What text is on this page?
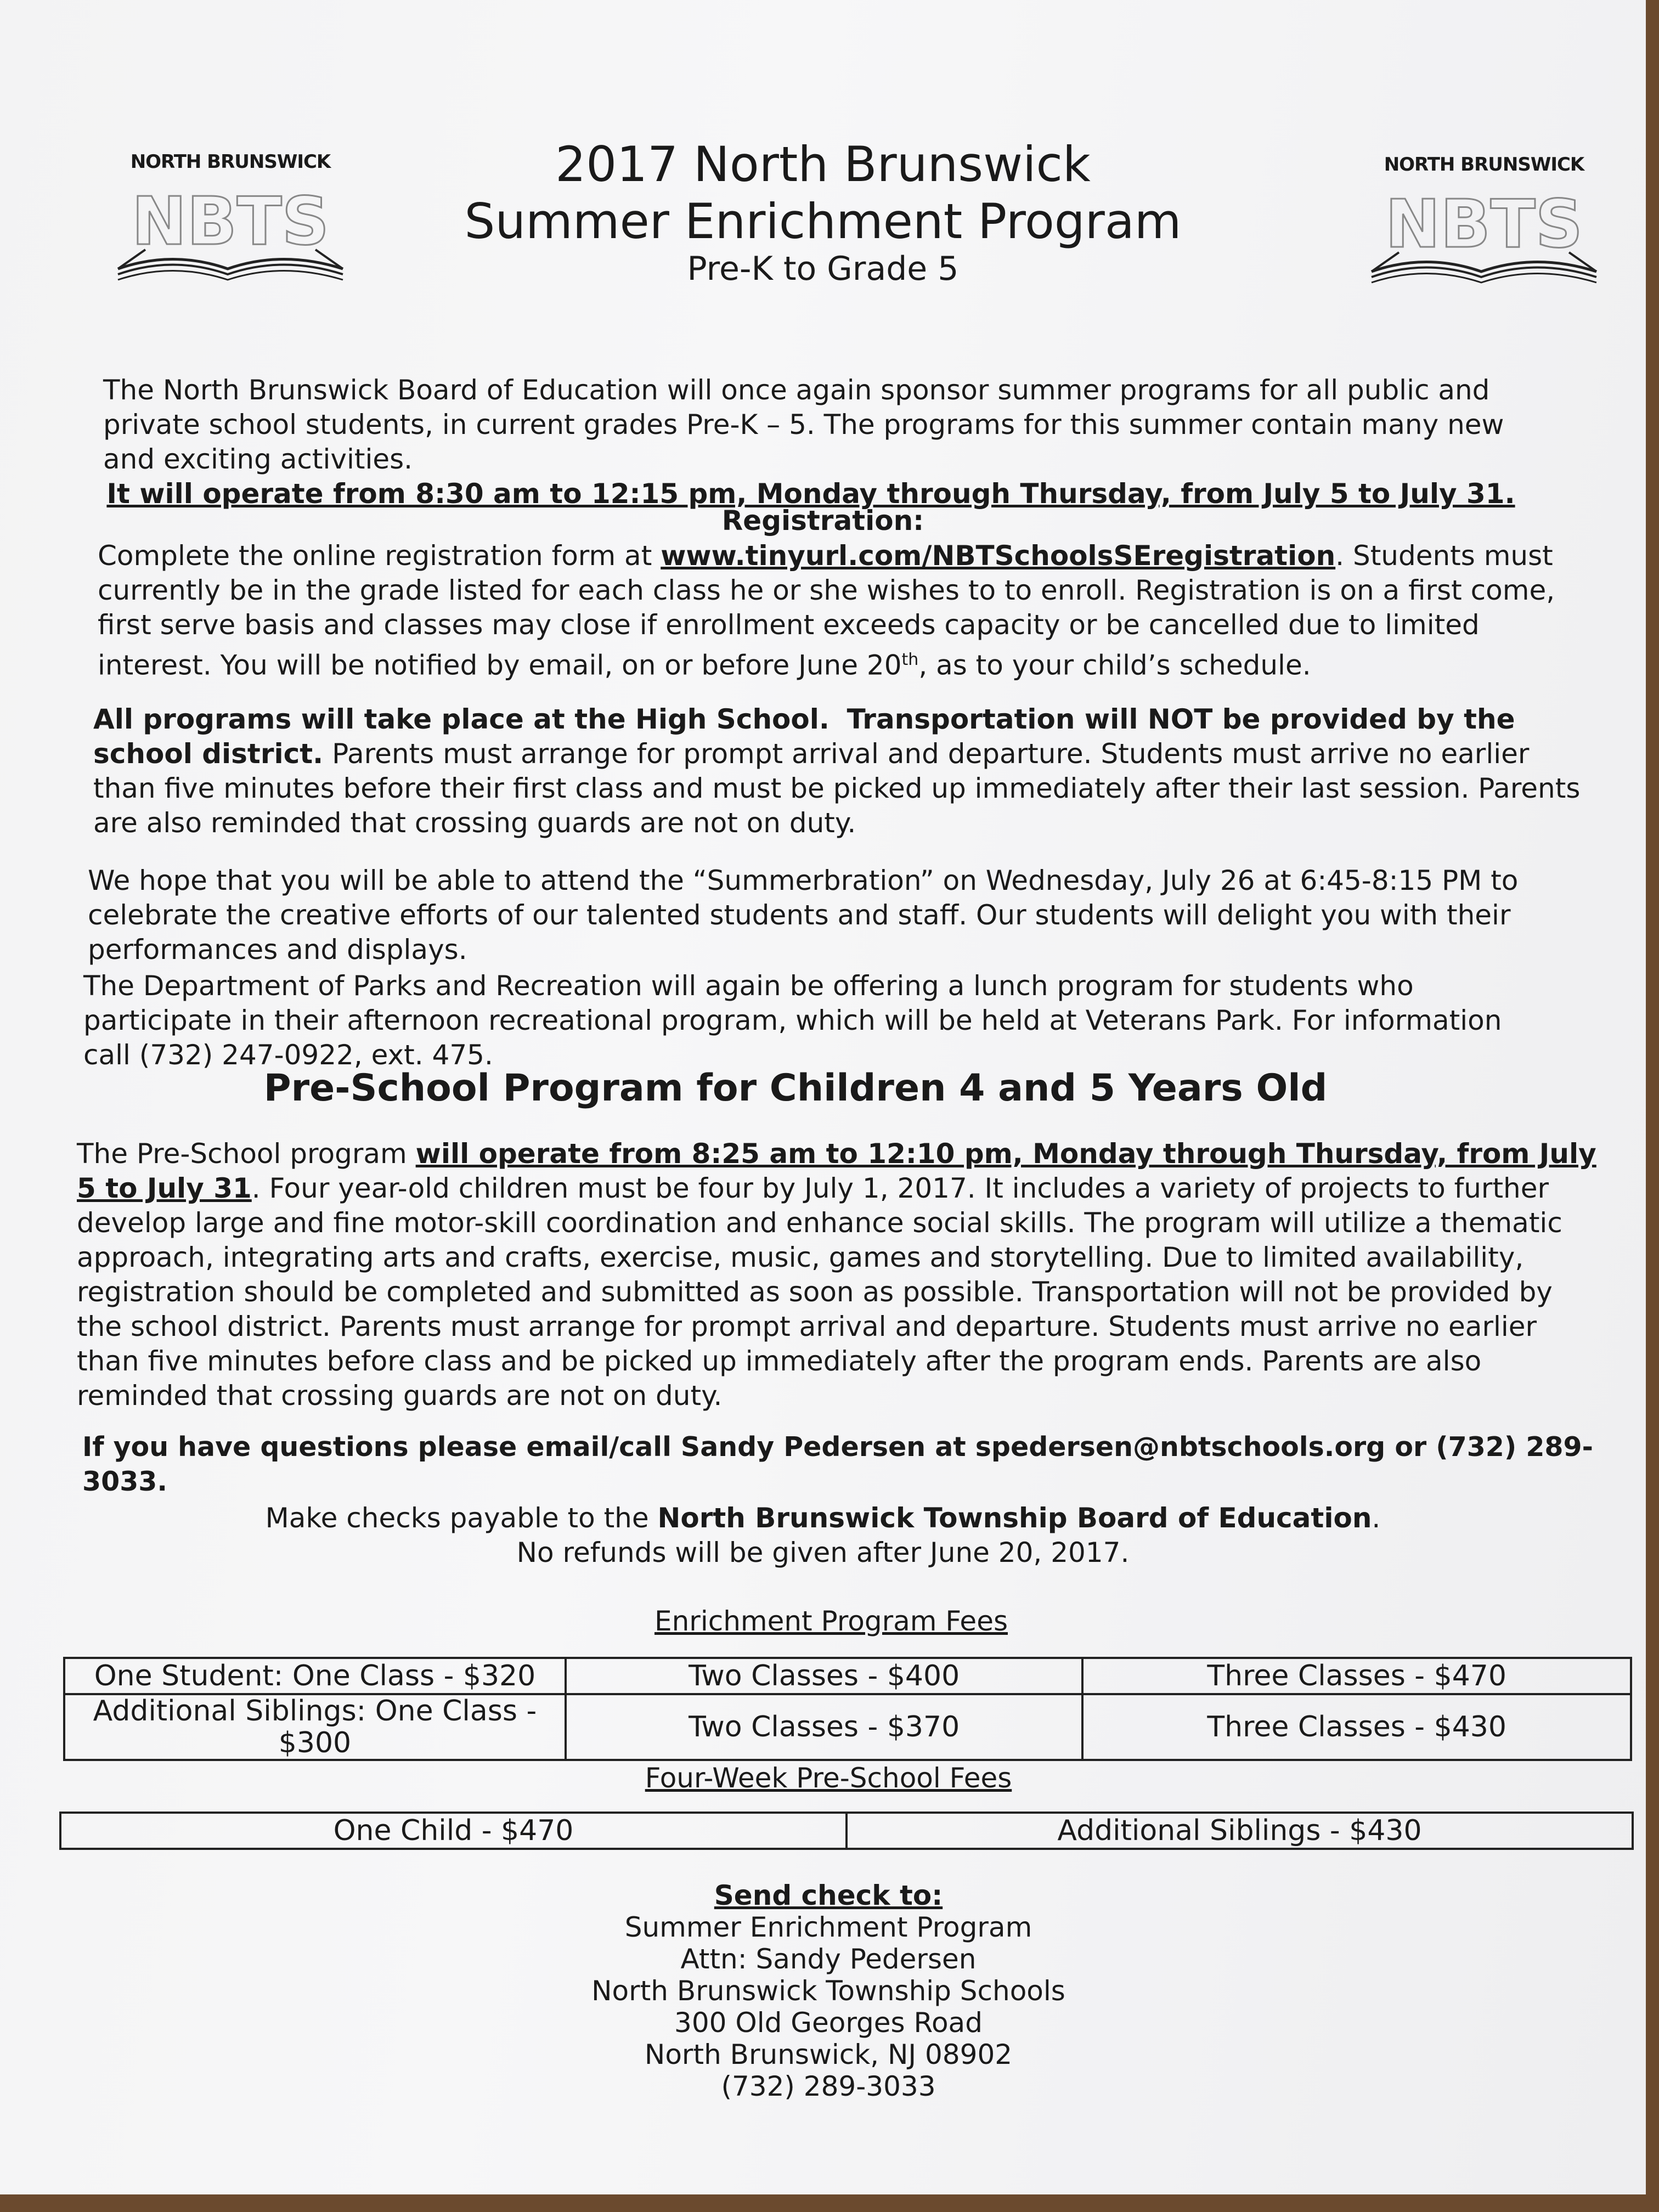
NORTH BRUNSWICK
NBTS
NORTH BRUNSWICK
NBTS
2017 North Brunswick
Summer Enrichment Program
Pre-K to Grade 5
The North Brunswick Board of Education will once again sponsor summer programs for all public and private school students, in current grades Pre-K – 5. The programs for this summer contain many new and exciting activities.
It will operate from 8:30 am to 12:15 pm, Monday through Thursday, from July 5 to July 31.
Registration:
Complete the online registration form at www.tinyurl.com/NBTSchoolsSEregistration. Students must currently be in the grade listed for each class he or she wishes to to enroll. Registration is on a first come, first serve basis and classes may close if enrollment exceeds capacity or be cancelled due to limited interest. You will be notified by email, on or before June 20th, as to your child’s schedule.
All programs will take place at the High School. Transportation will NOT be provided by the school district. Parents must arrange for prompt arrival and departure. Students must arrive no earlier than five minutes before their first class and must be picked up immediately after their last session. Parents are also reminded that crossing guards are not on duty.
We hope that you will be able to attend the “Summerbration” on Wednesday, July 26 at 6:45-8:15 PM to celebrate the creative efforts of our talented students and staff. Our students will delight you with their performances and displays.
The Department of Parks and Recreation will again be offering a lunch program for students who participate in their afternoon recreational program, which will be held at Veterans Park. For information call (732) 247-0922, ext. 475.
Pre-School Program for Children 4 and 5 Years Old
The Pre-School program will operate from 8:25 am to 12:10 pm, Monday through Thursday, from July 5 to July 31. Four year-old children must be four by July 1, 2017. It includes a variety of projects to further develop large and fine motor-skill coordination and enhance social skills. The program will utilize a thematic approach, integrating arts and crafts, exercise, music, games and storytelling. Due to limited availability, registration should be completed and submitted as soon as possible. Transportation will not be provided by the school district. Parents must arrange for prompt arrival and departure. Students must arrive no earlier than five minutes before class and be picked up immediately after the program ends. Parents are also reminded that crossing guards are not on duty.
If you have questions please email/call Sandy Pedersen at spedersen@nbtschools.org or (732) 289-3033.
Make checks payable to the North Brunswick Township Board of Education.
No refunds will be given after June 20, 2017.
Enrichment Program Fees
One Student: One Class - $320	Two Classes - $400	Three Classes - $470
Additional Siblings: One Class - $300	Two Classes - $370	Three Classes - $430
Four-Week Pre-School Fees
One Child - $470	Additional Siblings - $430
Send check to:
Summer Enrichment Program
Attn: Sandy Pedersen
North Brunswick Township Schools
300 Old Georges Road
North Brunswick, NJ 08902
(732) 289-3033
